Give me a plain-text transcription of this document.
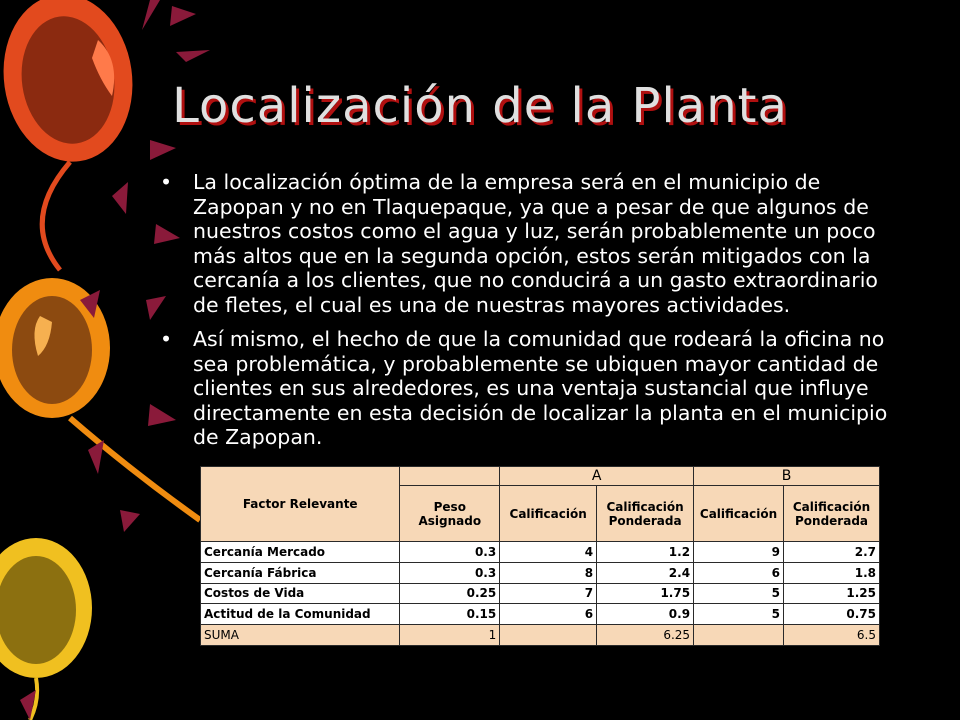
Localización de la Planta
• La localización óptima de la empresa será en el municipio de Zapopan y no en Tlaquepaque, ya que a pesar de que algunos de nuestros costos como el agua y luz, serán probablemente un poco más altos que en la segunda opción, estos serán mitigados con la cercanía a los clientes, que no conducirá a un gasto extraordinario de fletes, el cual es una de nuestras mayores actividades.
• Así mismo, el hecho de que la comunidad que rodeará la oficina no sea problemática, y probablemente se ubiquen mayor cantidad de clientes en sus alrededores, es una ventaja sustancial que influye directamente en esta decisión de localizar la planta en el municipio de Zapopan.
Factor Relevante		A		B	
	Peso Asignado	Calificación	Calificación Ponderada	Calificación	Calificación Ponderada
Cercanía Mercado	0.3	4	1.2	9	2.7
Cercanía Fábrica	0.3	8	2.4	6	1.8
Costos de Vida	0.25	7	1.75	5	1.25
Actitud de la Comunidad	0.15	6	0.9	5	0.75
SUMA	1		6.25		6.5
